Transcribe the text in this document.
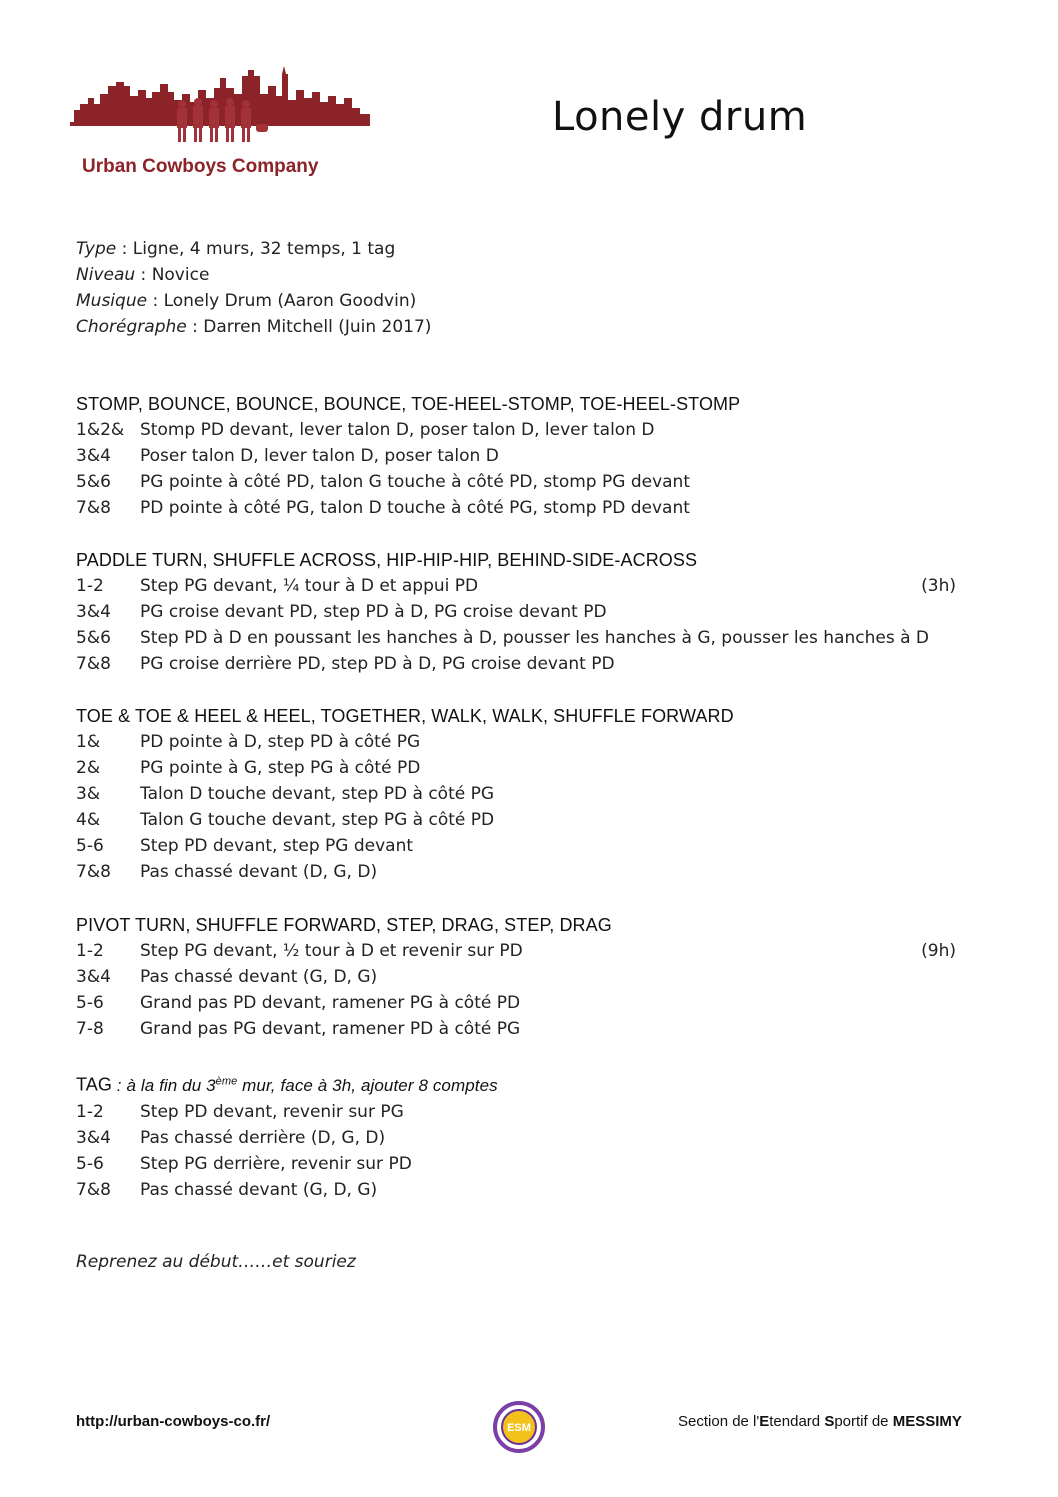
Urban Cowboys Company
Lonely drum
Type : Ligne, 4 murs, 32 temps, 1 tag
Niveau : Novice
Musique : Lonely Drum (Aaron Goodvin)
Chorégraphe : Darren Mitchell (Juin 2017)
STOMP, BOUNCE, BOUNCE, BOUNCE, TOE-HEEL-STOMP, TOE-HEEL-STOMP
1&2& Stomp PD devant, lever talon D, poser talon D, lever talon D
3&4	Poser talon D, lever talon D, poser talon D
5&6	PG pointe à côté PD, talon G touche à côté PD, stomp PG devant
7&8	PD pointe à côté PG, talon D touche à côté PG, stomp PD devant
PADDLE TURN, SHUFFLE ACROSS, HIP-HIP-HIP, BEHIND-SIDE-ACROSS
1-2	Step PG devant, ¼ tour à D et appui PD	(3h)
3&4	PG croise devant PD, step PD à D, PG croise devant PD
5&6	Step PD à D en poussant les hanches à D, pousser les hanches à G, pousser les hanches à D
7&8	PG croise derrière PD, step PD à D, PG croise devant PD
TOE & TOE & HEEL & HEEL, TOGETHER, WALK, WALK, SHUFFLE FORWARD
1&	PD pointe à D, step PD à côté PG
2&	PG pointe à G, step PG à côté PD
3&	Talon D touche devant, step PD à côté PG
4&	Talon G touche devant, step PG à côté PD
5-6	Step PD devant, step PG devant
7&8	Pas chassé devant (D, G, D)
PIVOT TURN, SHUFFLE FORWARD, STEP, DRAG, STEP, DRAG
1-2	Step PG devant, ½ tour à D et revenir sur PD	(9h)
3&4	Pas chassé devant (G, D, G)
5-6	Grand pas PD devant, ramener PG à côté PD
7-8	Grand pas PG devant, ramener PD à côté PG
TAG : à la fin du 3ème mur, face à 3h, ajouter 8 comptes
1-2	Step PD devant, revenir sur PG
3&4	Pas chassé derrière (D, G, D)
5-6	Step PG derrière, revenir sur PD
7&8	Pas chassé devant (G, D, G)
Reprenez au début……et souriez
http://urban-cowboys-co.fr/	ESM	Section de l'Etendard Sportif de MESSIMY
